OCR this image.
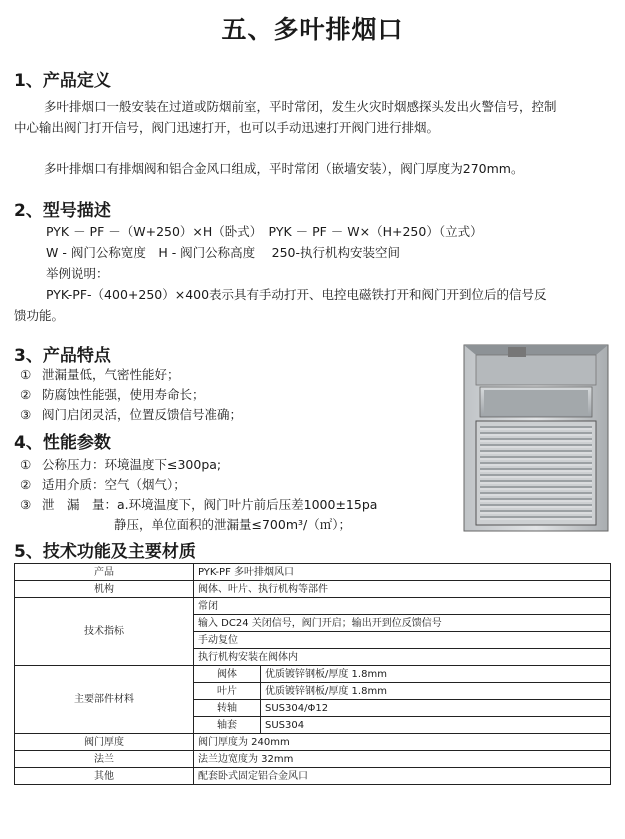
五、多叶排烟口
1、产品定义
多叶排烟口一般安装在过道或防烟前室，平时常闭，发生火灾时烟感探头发出火警信号，控制
中心输出阀门打开信号，阀门迅速打开，也可以手动迅速打开阀门进行排烟。
多叶排烟口有排烟阀和铝合金风口组成，平时常闭（嵌墙安装），阀门厚度为270mm。
2、型号描述
PYK － PF －（W+250）×H（卧式）　PYK － PF － W×（H+250）（立式）
W - 阀门公称宽度　H - 阀门公称高度　 250-执行机构安装空间
举例说明：
PYK-PF-（400+250）×400表示具有手动打开、电控电磁铁打开和阀门开到位后的信号反
馈功能。
3、产品特点
① 泄漏量低，气密性能好；
② 防腐蚀性能强，使用寿命长；
③ 阀门启闭灵活，位置反馈信号准确；
4、性能参数
① 公称压力：环境温度下≤300pa;
② 适用介质：空气（烟气）；
③ 泄　漏　量：a.环境温度下，阀门叶片前后压差1000±15pa
静压，单位面积的泄漏量≤700m³/（㎡）；
5、技术功能及主要材质
产品	PYK-PF 多叶排烟风口	
机构	阀体、叶片、执行机构等部件	
技术指标	常闭	
	输入 DC24 关闭信号，阀门开启；输出开到位反馈信号	
	手动复位	
	执行机构安装在阀体内	
主要部件材料	阀体	优质镀锌钢板/厚度 1.8mm
	叶片	优质镀锌钢板/厚度 1.8mm
	转轴	SUS304/Φ12
	轴套	SUS304
阀门厚度	阀门厚度为 240mm	
法兰	法兰边宽度为 32mm	
其他	配套卧式固定铝合金风口	
